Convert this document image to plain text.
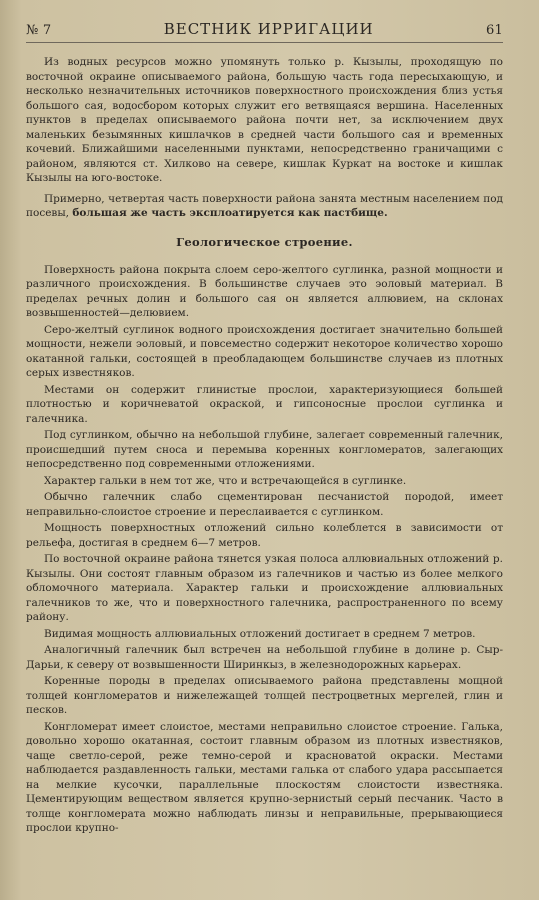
№ 7	ВЕСТНИК ИРРИГАЦИИ	61

Из водных ресурсов можно упомянуть только р. Кызылы, проходящую по восточной окраине описываемого района, большую часть года пересыхающую, и несколько незначительных источников поверхностного происхождения близ устья большого сая, водосбором которых служит его ветвящаяся вершина. Населенных пунктов в пределах описываемого района почти нет, за исключением двух маленьких безымянных кишлачков в средней части большого сая и временных кочевий. Ближайшими населенными пунктами, непосредственно граничащими с районом, являются ст. Хилково на севере, кишлак Куркат на востоке и кишлак Кызылы на юго-востоке.

Примерно, четвертая часть поверхности района занята местным населением под посевы, большая же часть эксплоатируется как пастбище.

Геологическое строение.

Поверхность района покрыта слоем серо-желтого суглинка, разной мощности и различного происхождения. В большинстве случаев это эоловый материал. В пределах речных долин и большого сая он является аллювием, на склонах возвышенностей—делювием.

Серо-желтый суглинок водного происхождения достигает значительно большей мощности, нежели эоловый, и повсеместно содержит некоторое количество хорошо окатанной гальки, состоящей в преобладающем большинстве случаев из плотных серых известняков.

Местами он содержит глинистые прослои, характеризующиеся большей плотностью и коричневатой окраской, и гипсоносные прослои суглинка и галечника.

Под суглинком, обычно на небольшой глубине, залегает современный галечник, происшедший путем сноса и перемыва коренных конгломератов, залегающих непосредственно под современными отложениями.

Характер гальки в нем тот же, что и встречающейся в суглинке.

Обычно галечник слабо сцементирован песчанистой породой, имеет неправильно-слоистое строение и переслаивается с суглинком.

Мощность поверхностных отложений сильно колеблется в зависимости от рельефа, достигая в среднем 6—7 метров.

По восточной окраине района тянется узкая полоса аллювиальных отложений р. Кызылы. Они состоят главным образом из галечников и частью из более мелкого обломочного материала. Характер гальки и происхождение аллювиальных галечников то же, что и поверхностного галечника, распространенного по всему району.

Видимая мощность аллювиальных отложений достигает в среднем 7 метров.

Аналогичный галечник был встречен на небольшой глубине в долине р. Сыр-Дарьи, к северу от возвышенности Ширинкыз, в железнодорожных карьерах.

Коренные породы в пределах описываемого района представлены мощной толщей конгломератов и нижележащей толщей пестроцветных мергелей, глин и песков.

Конгломерат имеет слоистое, местами неправильно слоистое строение. Галька, довольно хорошо окатанная, состоит главным образом из плотных известняков, чаще светло-серой, реже темно-серой и красноватой окраски. Местами наблюдается раздавленность гальки, местами галька от слабого удара рассыпается на мелкие кусочки, параллельные плоскостям слоистости известняка. Цементирующим веществом является крупно-зернистый серый песчаник. Часто в толще конгломерата можно наблюдать линзы и неправильные, прерывающиеся прослои крупно-
